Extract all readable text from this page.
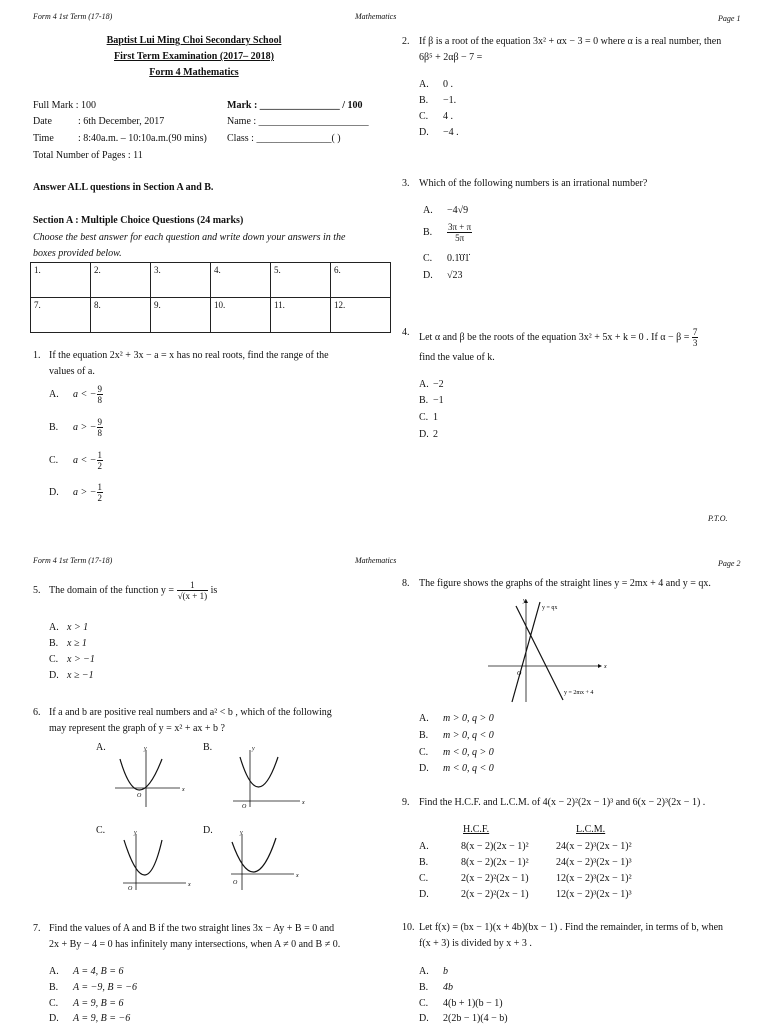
Form 4 1st Term (17-18)	Mathematics	Page 1
Baptist Lui Ming Choi Secondary School
First Term Examination (2017– 2018)
Form 4 Mathematics
Full Mark : 100
Date	: 6th December, 2017
Time : 8:40a.m. – 10:10a.m.(90 mins)
Total Number of Pages : 11
Mark : ________________ / 100
Name : ______________________
Class : _______________( )
Answer ALL questions in Section A and B.
Section A : Multiple Choice Questions (24 marks)
Choose the best answer for each question and write down your answers in the
boxes provided below.
1.	2.	3.	4.	5.	6.
7.	8.	9.	10.	11.	12.
1. If the equation 2x² + 3x − a = x has no real roots, find the range of the
values of a.
A. a < − $\frac{9}{8}$
B. a > − $\frac{9}{8}$
C. a < − $\frac{1}{2}$
D. a > − $\frac{1}{2}$
2. If β is a root of the equation 3x² + αx − 3 = 0 where α is a real number, then
6β⁵ + 2αβ − 7 =
A. 0 .
B. −1.
C. 4 .
D. −4 .
3. Which of the following numbers is an irrational number?
A. −4√9
B. $\frac{3\pi + \pi}{5\pi}$
C. 0.1̇0̇1̇
D. √23
4. Let α and β be the roots of the equation 3x² + 5x + k = 0 . If $\alpha - \beta = \frac{7}{3}$
find the value of k.
A. −2
B. −1
C. 1
D. 2
P.T.O.
Form 4 1st Term (17-18)	Mathematics	Page 2
5. The domain of the function $y = \frac{1}{√(x + 1)}$ is
A. x > 1
B. x ≥ 1
C. x > −1
D. x ≥ −1
6. If a and b are positive real numbers and a² < b , which of the following
may represent the graph of y = x² + ax + b ?
A.	B.
C.	D.
y
x
O
y
x
O
y
x
O
y
x
O
7. Find the values of A and B if the two straight lines 3x − Ay + B = 0 and
2x + By − 4 = 0 has infinitely many intersections, when A ≠ 0 and B ≠ 0.
A. A = 4, B = 6
B. A = −9, B = −6
C. A = 9, B = 6
D. A = 9, B = −6
8. The figure shows the graphs of the straight lines y = 2mx + 4 and y = qx.
y = qx
y = 2mx + 4
x
y
O
A. m > 0, q > 0
B. m > 0, q < 0
C. m < 0, q > 0
D. m < 0, q < 0
9. Find the H.C.F. and L.C.M. of 4(x − 2)²(2x − 1)³ and 6(x − 2)³(2x − 1) .
H.C.F.	L.C.M.
A.	8(x − 2)(2x − 1)²	24(x − 2)³(2x − 1)²
B.	8(x − 2)(2x − 1)²	24(x − 2)³(2x − 1)³
C.	2(x − 2)²(2x − 1)	12(x − 2)³(2x − 1)²
D.	2(x − 2)²(2x − 1)	12(x − 2)³(2x − 1)³
10. Let f(x) = (bx − 1)(x + 4b)(bx − 1) . Find the remainder, in terms of b, when
f(x + 3) is divided by x + 3 .
A. b
B. 4b
C. 4(b + 1)(b − 1)
D. 2(2b − 1)(4 − b)
